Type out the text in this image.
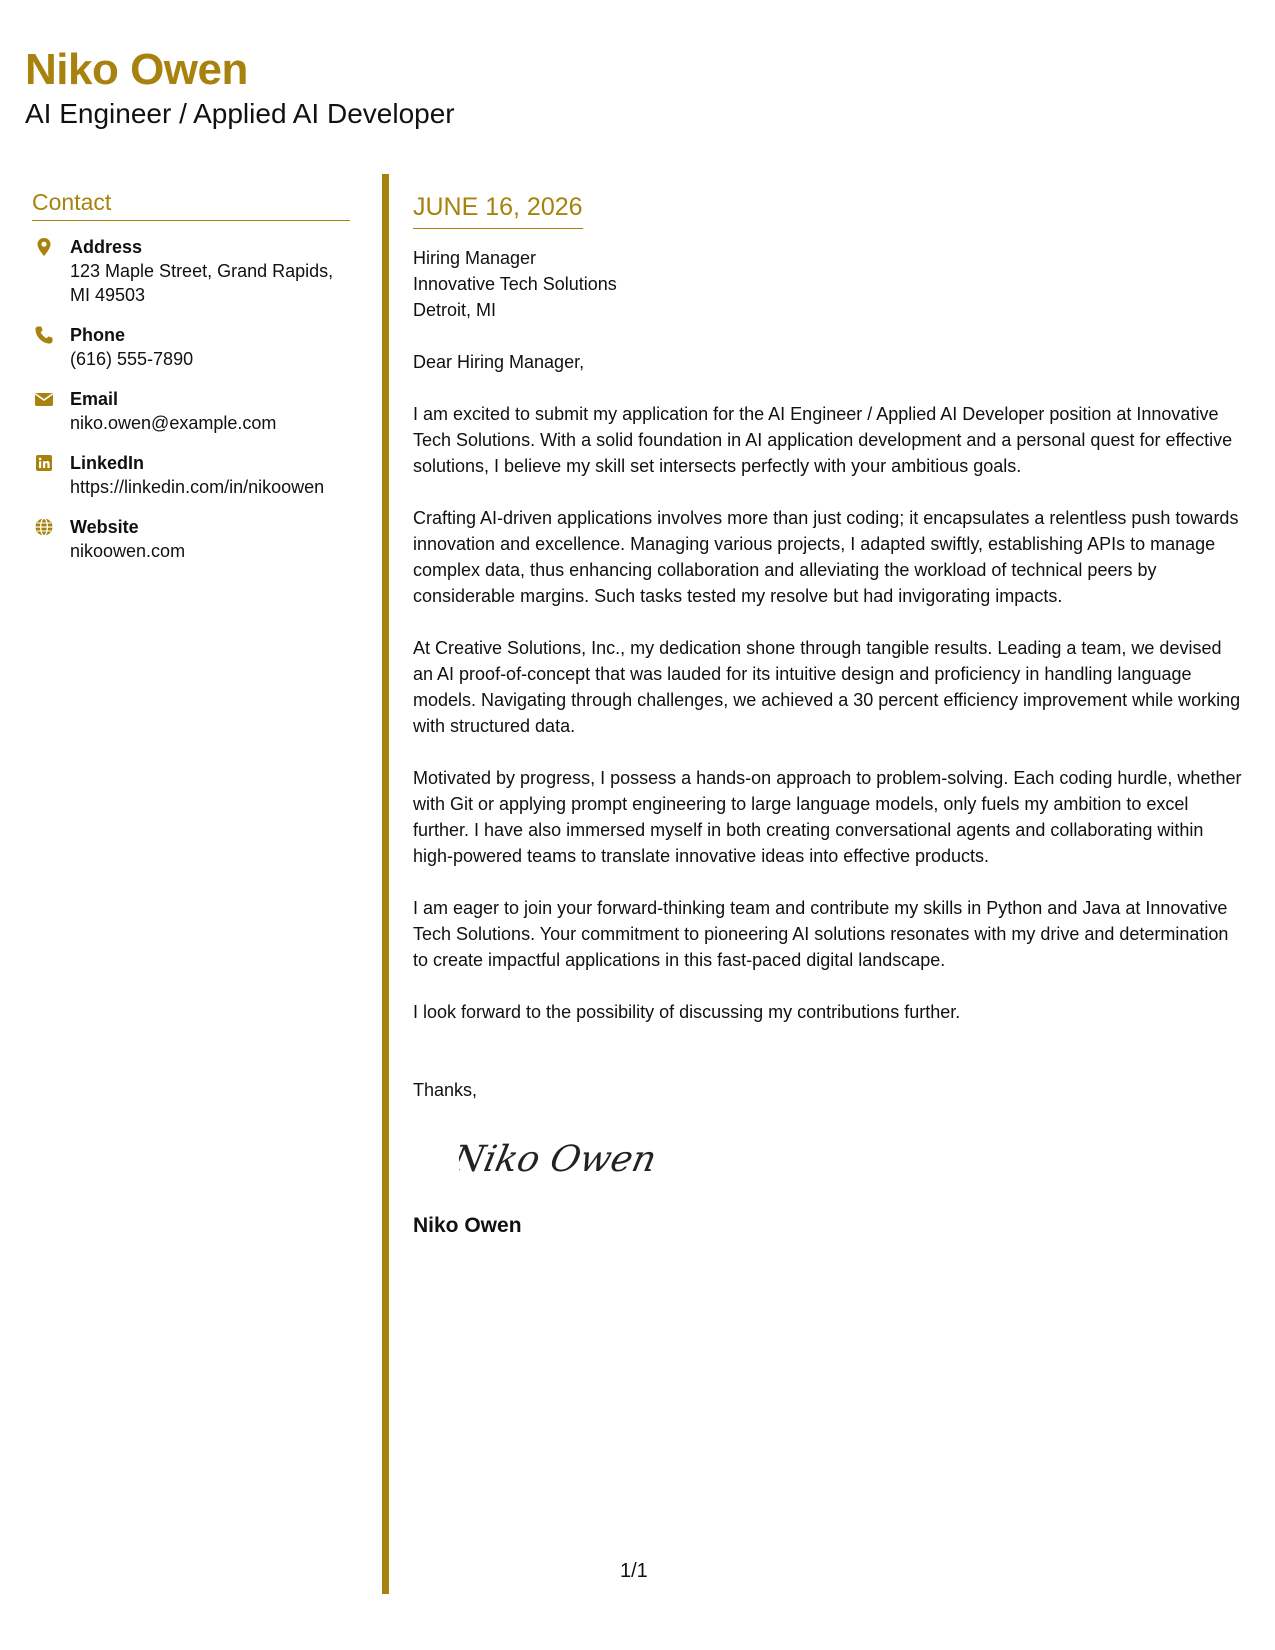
Niko Owen
AI Engineer / Applied AI Developer
Contact
Address
123 Maple Street, Grand Rapids, MI 49503
Phone
(616) 555-7890
Email
niko.owen@example.com
LinkedIn
https://linkedin.com/in/nikoowen
Website
nikoowen.com
JUNE 16, 2026
Hiring Manager
Innovative Tech Solutions
Detroit, MI

Dear Hiring Manager,

I am excited to submit my application for the AI Engineer / Applied AI Developer position at Innovative Tech Solutions. With a solid foundation in AI application development and a personal quest for effective solutions, I believe my skill set intersects perfectly with your ambitious goals.

Crafting AI-driven applications involves more than just coding; it encapsulates a relentless push towards innovation and excellence. Managing various projects, I adapted swiftly, establishing APIs to manage complex data, thus enhancing collaboration and alleviating the workload of technical peers by considerable margins. Such tasks tested my resolve but had invigorating impacts.

At Creative Solutions, Inc., my dedication shone through tangible results. Leading a team, we devised an AI proof-of-concept that was lauded for its intuitive design and proficiency in handling language models. Navigating through challenges, we achieved a 30 percent efficiency improvement while working with structured data.

Motivated by progress, I possess a hands-on approach to problem-solving. Each coding hurdle, whether with Git or applying prompt engineering to large language models, only fuels my ambition to excel further. I have also immersed myself in both creating conversational agents and collaborating within high-powered teams to translate innovative ideas into effective products.

I am eager to join your forward-thinking team and contribute my skills in Python and Java at Innovative Tech Solutions. Your commitment to pioneering AI solutions resonates with my drive and determination to create impactful applications in this fast-paced digital landscape.

I look forward to the possibility of discussing my contributions further.

Thanks,
Niko Owen
Niko Owen
1/1
